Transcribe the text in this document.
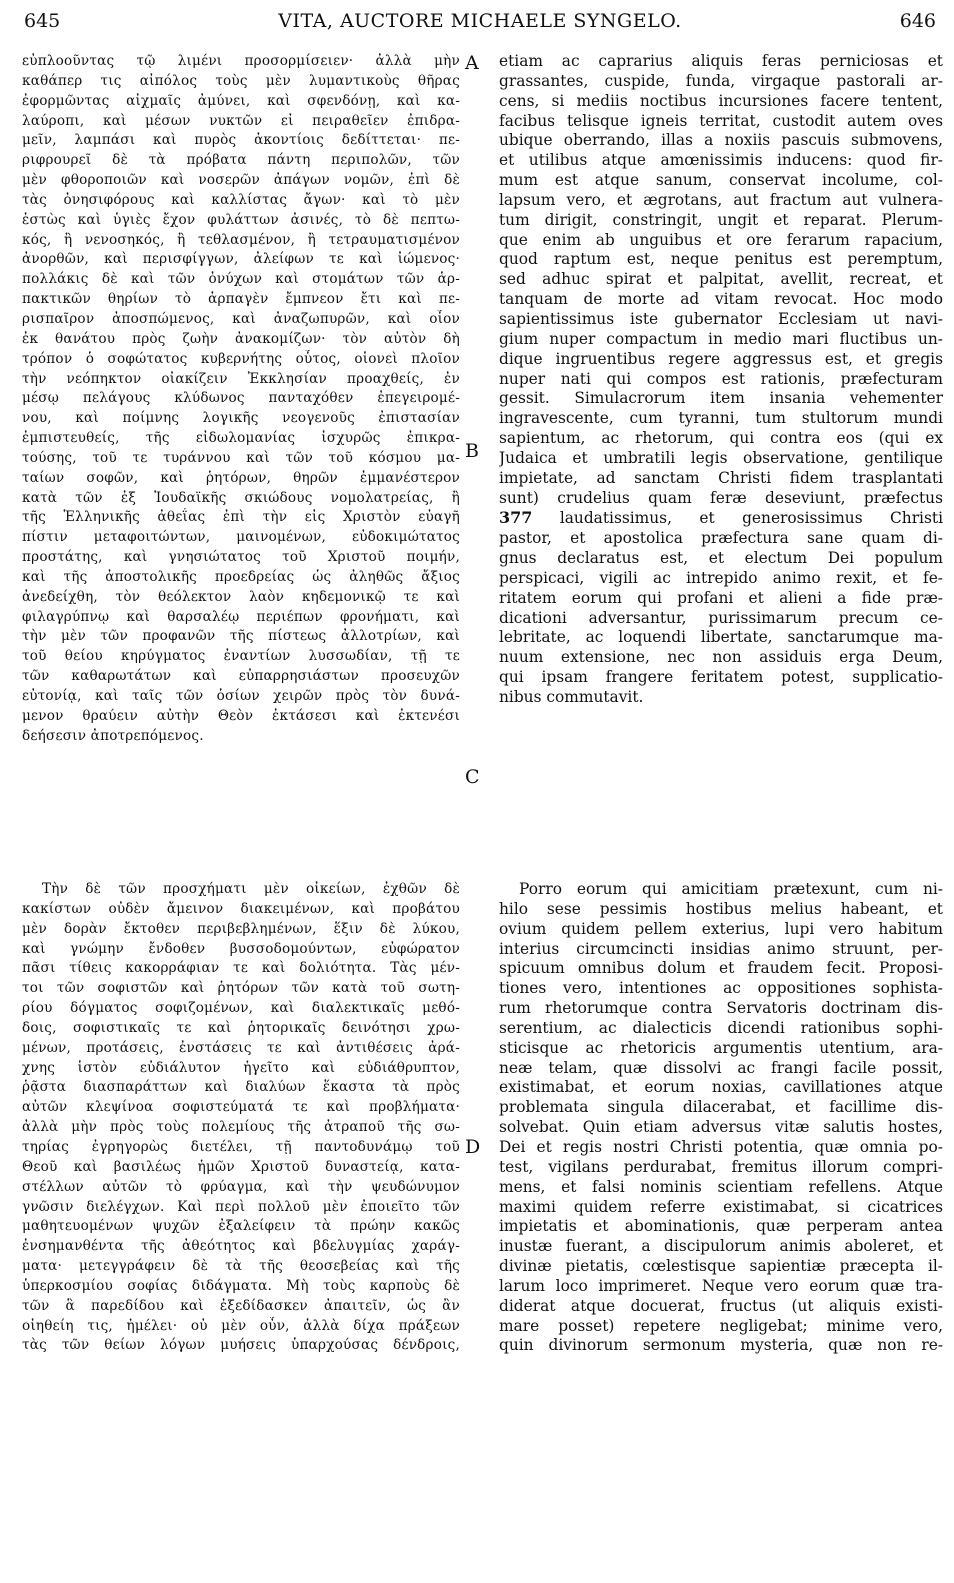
645	VITA, AUCTORE MICHAELE SYNGELO.	646
A
B
C
D
εὐπλοοῦντας τῷ λιμένι προσορμίσειεν· ἀλλὰ μὴν
καθάπερ τις αἰπόλος τοὺς μὲν λυμαντικοὺς θῆρας
ἐφορμῶντας αἰχμαῖς ἀμύνει, καὶ σφενδόνῃ, καὶ κα-
λαύροπι, καὶ μέσων νυκτῶν εἰ πειραθεῖεν ἐπιδρα-
μεῖν, λαμπάσι καὶ πυρὸς ἀκοντίοις δεδίττεται· πε-
ριφρουρεῖ δὲ τὰ πρόβατα πάντη περιπολῶν, τῶν
μὲν φθοροποιῶν καὶ νοσερῶν ἀπάγων νομῶν, ἐπὶ δὲ
τὰς ὀνησιφόρους καὶ καλλίστας ἄγων· καὶ τὸ μὲν
ἑστὼς καὶ ὑγιὲς ἔχον φυλάττων ἀσινές, τὸ δὲ πεπτω-
κός, ἢ νενοσηκός, ἢ τεθλασμένον, ἢ τετραυματισμένον
ἀνορθῶν, καὶ περισφίγγων, ἀλείφων τε καὶ ἰώμενος·
πολλάκις δὲ καὶ τῶν ὀνύχων καὶ στομάτων τῶν ἁρ-
πακτικῶν θηρίων τὸ ἁρπαγὲν ἔμπνεον ἔτι καὶ πε-
ρισπαῖρον ἀποσπώμενος, καὶ ἀναζωπυρῶν, καὶ οἷον
ἐκ θανάτου πρὸς ζωὴν ἀνακομίζων· τὸν αὐτὸν δὴ
τρόπον ὁ σοφώτατος κυβερνήτης οὗτος, οἱονεὶ πλοῖον
τὴν νεόπηκτον οἰακίζειν Ἐκκλησίαν προαχθείς, ἐν
μέσῳ πελάγους κλύδωνος πανταχόθεν ἐπεγειρομέ-
νου, καὶ ποίμνης λογικῆς νεογενοῦς ἐπιστασίαν
ἐμπιστευθείς, τῆς εἰδωλομανίας ἰσχυρῶς ἐπικρα-
τούσης, τοῦ τε τυράννου καὶ τῶν τοῦ κόσμου μα-
ταίων σοφῶν, καὶ ῥητόρων, θηρῶν ἐμμανέστερον
κατὰ τῶν ἐξ Ἰουδαϊκῆς σκιώδους νομολατρείας, ἢ
τῆς Ἑλληνικῆς ἀθεΐας ἐπὶ τὴν εἰς Χριστὸν εὐαγῆ
πίστιν μεταφοιτώντων, μαινομένων, εὐδοκιμώτατος
προστάτης, καὶ γνησιώτατος τοῦ Χριστοῦ ποιμήν,
καὶ τῆς ἀποστολικῆς προεδρείας ὡς ἀληθῶς ἄξιος
ἀνεδείχθη, τὸν θεόλεκτον λαὸν κηδεμονικῷ τε καὶ
φιλαγρύπνῳ καὶ θαρσαλέῳ περιέπων φρονήματι, καὶ
τὴν μὲν τῶν προφανῶν τῆς πίστεως ἀλλοτρίων, καὶ
τοῦ θείου κηρύγματος ἐναντίων λυσσωδίαν, τῇ τε
τῶν καθαρωτάτων καὶ εὐπαρρησιάστων προσευχῶν
εὐτονίᾳ, καὶ ταῖς τῶν ὁσίων χειρῶν πρὸς τὸν δυνά-
μενον θραύειν αὐτὴν Θεὸν ἐκτάσεσι καὶ ἐκτενέσι
δεήσεσιν ἀποτρεπόμενος.
Τὴν δὲ τῶν προσχήματι μὲν οἰκείων, ἐχθῶν δὲ
κακίστων οὐδὲν ἄμεινον διακειμένων, καὶ προβάτου
μὲν δορὰν ἔκτοθεν περιβεβλημένων, ἕξιν δὲ λύκου,
καὶ γνώμην ἔνδοθεν βυσσοδομούντων, εὐφώρατον
πᾶσι τίθεις κακορράφιαν τε καὶ δολιότητα. Τὰς μέν-
τοι τῶν σοφιστῶν καὶ ῥητόρων τῶν κατὰ τοῦ σωτη-
ρίου δόγματος σοφιζομένων, καὶ διαλεκτικαῖς μεθό-
δοις, σοφιστικαῖς τε καὶ ῥητορικαῖς δεινότησι χρω-
μένων, προτάσεις, ἐνστάσεις τε καὶ ἀντιθέσεις ἀρά-
χνης ἱστὸν εὐδιάλυτον ἡγεῖτο καὶ εὐδιάθρυπτον,
ῥᾷστα διασπαράττων καὶ διαλύων ἕκαστα τὰ πρὸς
αὐτῶν κλεψίνοα σοφιστεύματά τε καὶ προβλήματα·
ἀλλὰ μὴν πρὸς τοὺς πολεμίους τῆς ἀτραποῦ τῆς σω-
τηρίας ἐγρηγορὼς διετέλει, τῇ παντοδυνάμῳ τοῦ
Θεοῦ καὶ βασιλέως ἡμῶν Χριστοῦ δυναστείᾳ, κατα-
στέλλων αὐτῶν τὸ φρύαγμα, καὶ τὴν ψευδώνυμον
γνῶσιν διελέγχων. Καὶ περὶ πολλοῦ μὲν ἐποιεῖτο τῶν
μαθητευομένων ψυχῶν ἐξαλείφειν τὰ πρώην κακῶς
ἐνσημανθέντα τῆς ἀθεότητος καὶ βδελυγμίας χαράγ-
ματα· μετεγγράφειν δὲ τὰ τῆς θεοσεβείας καὶ τῆς
ὑπερκοσμίου σοφίας διδάγματα. Μὴ τοὺς καρποὺς δὲ
τῶν ἃ παρεδίδου καὶ ἐξεδίδασκεν ἀπαιτεῖν, ὡς ἂν
οἰηθείη τις, ἠμέλει· οὐ μὲν οὖν, ἀλλὰ δίχα πράξεων
τὰς τῶν θείων λόγων μυήσεις ὑπαρχούσας δένδροις,
etiam ac caprarius aliquis feras perniciosas et
grassantes, cuspide, funda, virgaque pastorali ar-
cens, si mediis noctibus incursiones facere tentent,
facibus telisque igneis territat, custodit autem oves
ubique oberrando, illas a noxiis pascuis submovens,
et utilibus atque amœnissimis inducens: quod fir-
mum est atque sanum, conservat incolume, col-
lapsum vero, et ægrotans, aut fractum aut vulnera-
tum dirigit, constringit, ungit et reparat. Plerum-
que enim ab unguibus et ore ferarum rapacium,
quod raptum est, neque penitus est peremptum,
sed adhuc spirat et palpitat, avellit, recreat, et
tanquam de morte ad vitam revocat. Hoc modo
sapientissimus iste gubernator Ecclesiam ut navi-
gium nuper compactum in medio mari fluctibus un-
dique ingruentibus regere aggressus est, et gregis
nuper nati qui compos est rationis, præfecturam
gessit. Simulacrorum item insania vehementer
ingravescente, cum tyranni, tum stultorum mundi
sapientum, ac rhetorum, qui contra eos (qui ex
Judaica et umbratili legis observatione, gentilique
impietate, ad sanctam Christi fidem trasplantati
sunt) crudelius quam feræ deseviunt, præfectus
377 laudatissimus, et generosissimus Christi
pastor, et apostolica præfectura sane quam di-
gnus declaratus est, et electum Dei populum
perspicaci, vigili ac intrepido animo rexit, et fe-
ritatem eorum qui profani et alieni a fide præ-
dicationi adversantur, purissimarum precum ce-
lebritate, ac loquendi libertate, sanctarumque ma-
nuum extensione, nec non assiduis erga Deum,
qui ipsam frangere feritatem potest, supplicatio-
nibus commutavit.
Porro eorum qui amicitiam prætexunt, cum ni-
hilo sese pessimis hostibus melius habeant, et
ovium quidem pellem exterius, lupi vero habitum
interius circumcincti insidias animo struunt, per-
spicuum omnibus dolum et fraudem fecit. Proposi-
tiones vero, intentiones ac oppositiones sophista-
rum rhetorumque contra Servatoris doctrinam dis-
serentium, ac dialecticis dicendi rationibus sophi-
sticisque ac rhetoricis argumentis utentium, ara-
neæ telam, quæ dissolvi ac frangi facile possit,
existimabat, et eorum noxias, cavillationes atque
problemata singula dilacerabat, et facillime dis-
solvebat. Quin etiam adversus vitæ salutis hostes,
Dei et regis nostri Christi potentia, quæ omnia po-
test, vigilans perdurabat, fremitus illorum compri-
mens, et falsi nominis scientiam refellens. Atque
maximi quidem referre existimabat, si cicatrices
impietatis et abominationis, quæ perperam antea
inustæ fuerant, a discipulorum animis aboleret, et
divinæ pietatis, cœlestisque sapientiæ præcepta il-
larum loco imprimeret. Neque vero eorum quæ tra-
diderat atque docuerat, fructus (ut aliquis existi-
mare posset) repetere negligebat; minime vero,
quin divinorum sermonum mysteria, quæ non re-
